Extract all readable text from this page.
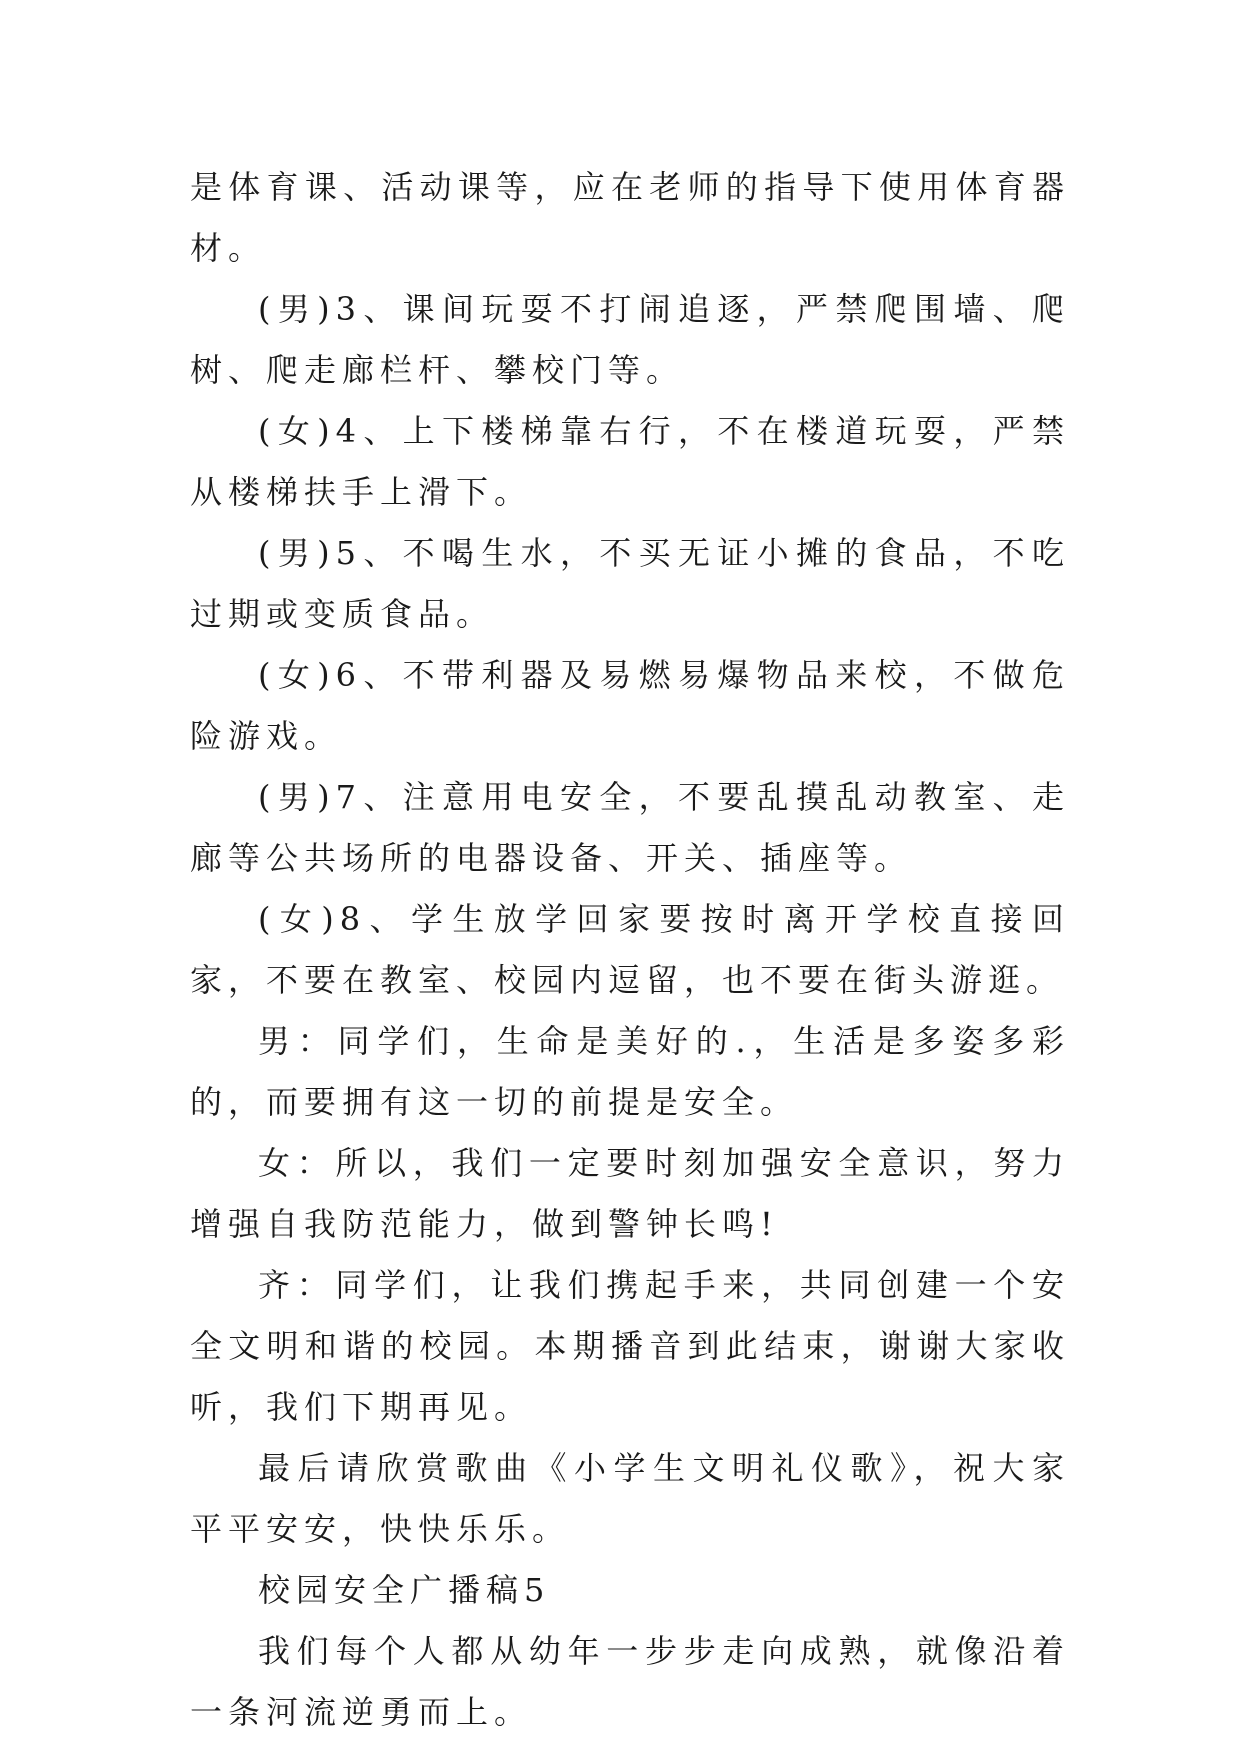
是体育课、活动课等，应在老师的指导下使用体育器材。

(男)3、课间玩耍不打闹追逐，严禁爬围墙、爬树、爬走廊栏杆、攀校门等。

(女)4、上下楼梯靠右行，不在楼道玩耍，严禁从楼梯扶手上滑下。

(男)5、不喝生水，不买无证小摊的食品，不吃过期或变质食品。

(女)6、不带利器及易燃易爆物品来校，不做危险游戏。

(男)7、注意用电安全，不要乱摸乱动教室、走廊等公共场所的电器设备、开关、插座等。

(女)8、学生放学回家要按时离开学校直接回家，不要在教室、校园内逗留，也不要在街头游逛。

男：同学们，生命是美好的.，生活是多姿多彩的，而要拥有这一切的前提是安全。

女：所以，我们一定要时刻加强安全意识，努力增强自我防范能力，做到警钟长鸣!

齐：同学们，让我们携起手来，共同创建一个安全文明和谐的校园。本期播音到此结束，谢谢大家收听，我们下期再见。

最后请欣赏歌曲《小学生文明礼仪歌》，祝大家平平安安，快快乐乐。

校园安全广播稿5

我们每个人都从幼年一步步走向成熟，就像沿着一条河流逆勇而上。
